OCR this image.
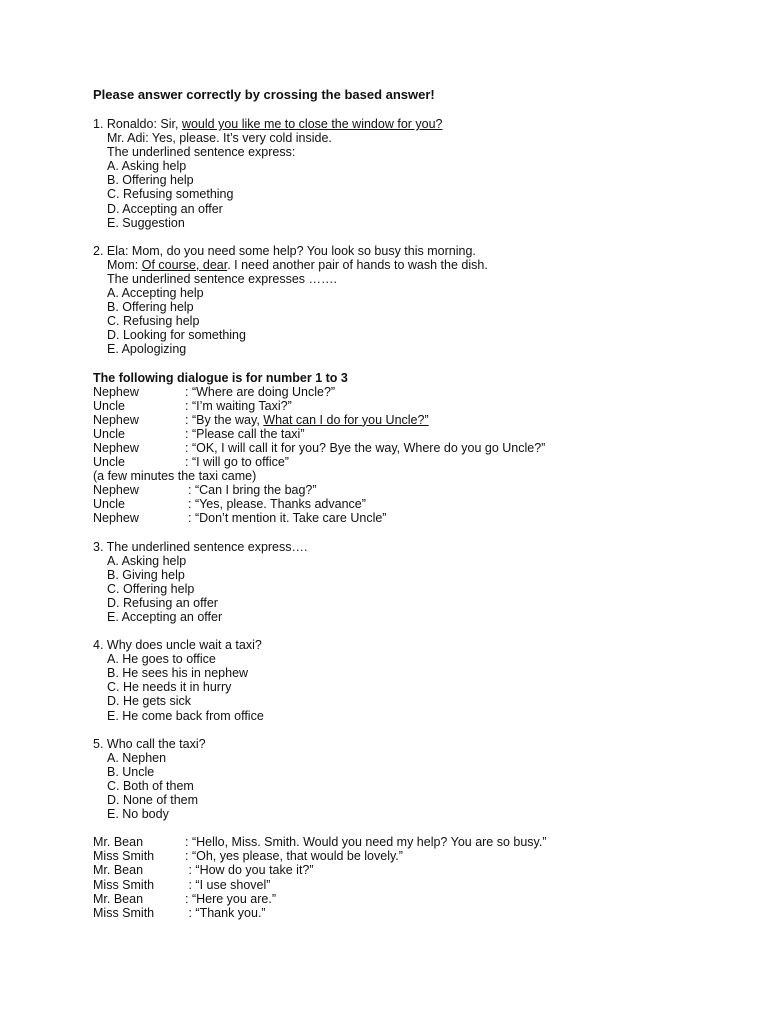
Please answer correctly by crossing the based answer!
1. Ronaldo: Sir, would you like me to close the window for you?
Mr. Adi: Yes, please. It’s very cold inside.
The underlined sentence express:
A. Asking help
B. Offering help
C. Refusing something
D. Accepting an offer
E. Suggestion
2. Ela: Mom, do you need some help? You look so busy this morning.
Mom: Of course, dear. I need another pair of hands to wash the dish.
The underlined sentence expresses …….
A. Accepting help
B. Offering help
C. Refusing help
D. Looking for something
E. Apologizing
The following dialogue is for number 1 to 3
Nephew	: “Where are doing Uncle?”
Uncle	: “I’m waiting Taxi?”
Nephew	: “By the way, What can I do for you Uncle?”
Uncle	: “Please call the taxi”
Nephew	: “OK, I will call it for you? Bye the way, Where do you go Uncle?”
Uncle	: “I will go to office”
(a few minutes the taxi came)
Nephew	: “Can I bring the bag?”
Uncle	: “Yes, please. Thanks advance”
Nephew	: “Don’t mention it. Take care Uncle”
3. The underlined sentence express….
A. Asking help
B. Giving help
C. Offering help
D. Refusing an offer
E. Accepting an offer
4. Why does uncle wait a taxi?
A. He goes to office
B. He sees his in nephew
C. He needs it in hurry
D. He gets sick
E. He come back from office
5. Who call the taxi?
A. Nephen
B. Uncle
C. Both of them
D. None of them
E. No body
Mr. Bean	: “Hello, Miss. Smith. Would you need my help? You are so busy.”
Miss Smith	: “Oh, yes please, that would be lovely.”
Mr. Bean	: “How do you take it?”
Miss Smith	: “I use shovel”
Mr. Bean	: “Here you are.”
Miss Smith	: “Thank you.”
